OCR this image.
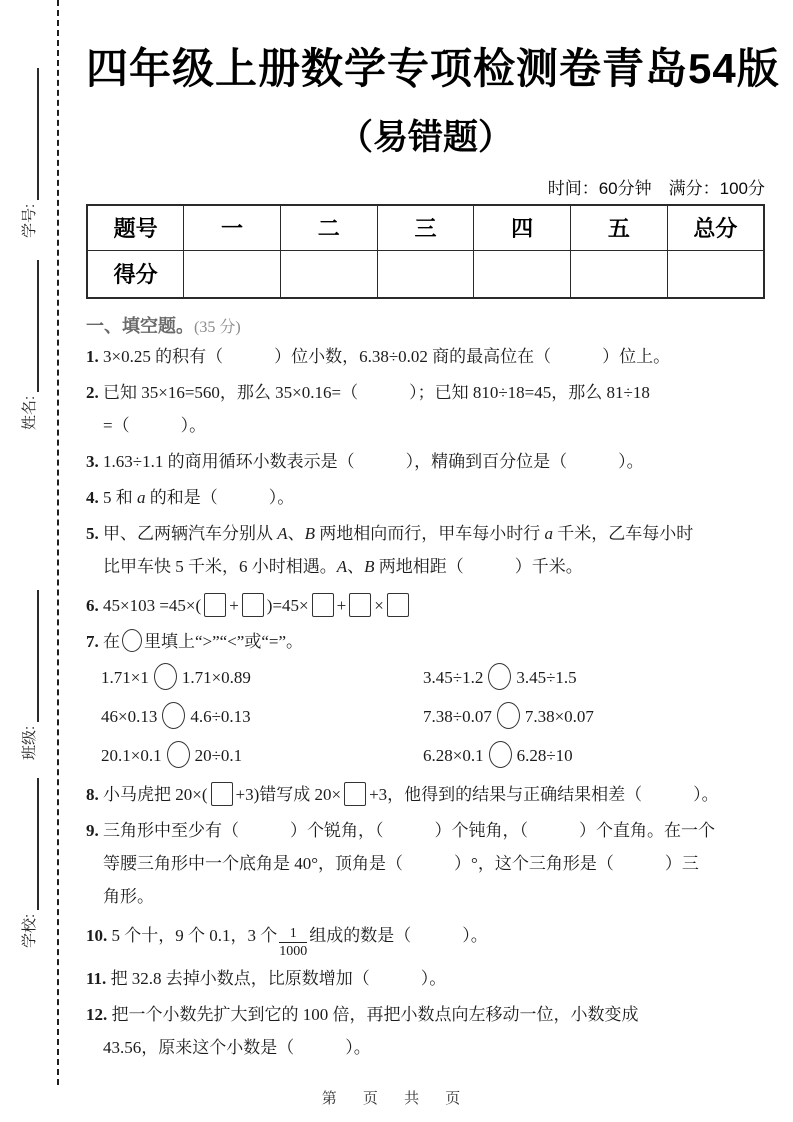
学号:
姓名:
班级:
学校:
四年级上册数学专项检测卷青岛54版
（易错题）
时间：60分钟　满分：100分
题号	一	二	三	四	五	总分
得分						
一、填空题。(35 分)
1. 3×0.25 的积有（　　　）位小数，6.38÷0.02 商的最高位在（　　　）位上。
2. 已知 35×16=560，那么 35×0.16=（　　　）；已知 810÷18=45，那么 81÷18
=（　　　）。
3. 1.63÷1.1 的商用循环小数表示是（　　　），精确到百分位是（　　　）。
4. 5 和 a 的和是（　　　）。
5. 甲、乙两辆汽车分别从 A、B 两地相向而行，甲车每小时行 a 千米，乙车每小时
比甲车快 5 千米，6 小时相遇。A、B 两地相距（　　　）千米。
6. 45×103 =45×( + )=45× + ×
7. 在 里填上“>”“<”或“=”。
1.71×1 1.71×0.89	3.45÷1.2 3.45÷1.5
46×0.13 4.6÷0.13	7.38÷0.07 7.38×0.07
20.1×0.1 20÷0.1	6.28×0.1 6.28÷10
8. 小马虎把 20×( +3)错写成 20× +3，他得到的结果与正确结果相差（　　　）。
9. 三角形中至少有（　　　）个锐角，（　　　）个钝角，（　　　）个直角。在一个
等腰三角形中一个底角是 40°，顶角是（　　　）°，这个三角形是（　　　）三
角形。
10. 5 个十，9 个 0.1，3 个 $\frac{1}{1000}$ 组成的数是（　　　）。
11. 把 32.8 去掉小数点，比原数增加（　　　）。
12. 把一个小数先扩大到它的 100 倍，再把小数点向左移动一位，小数变成
43.56，原来这个小数是（　　　）。
第 页 共 页
